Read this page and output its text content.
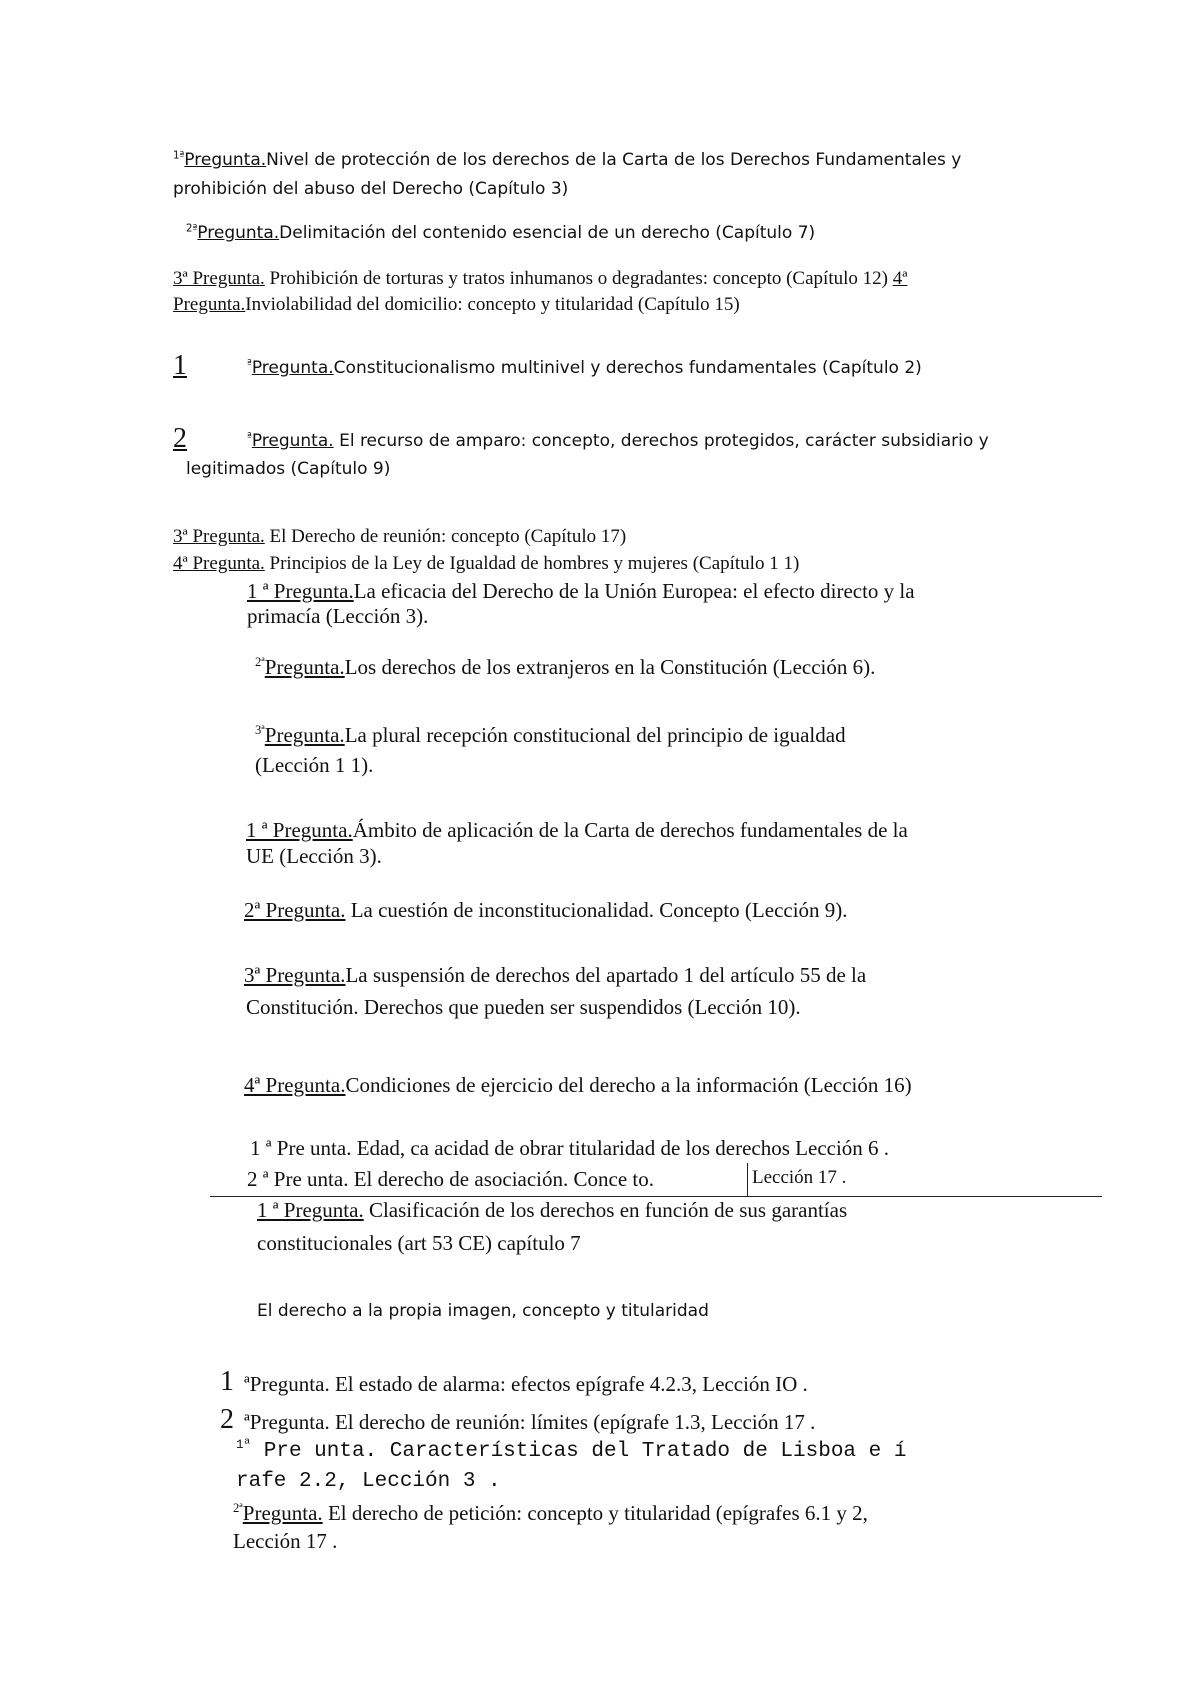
$^{1ª}$Pregunta.Nivel de protección de los derechos de la Carta de los Derechos Fundamentales y
prohibición del abuso del Derecho (Capítulo 3)
$^{2ª}$Pregunta.Delimitación del contenido esencial de un derecho (Capítulo 7)
3ª Pregunta. Prohibición de torturas y tratos inhumanos o degradantes: concepto (Capítulo 12) 4ª
Pregunta.Inviolabilidad del domicilio: concepto y titularidad (Capítulo 15)
1	$^ª$Pregunta.Constitucionalismo multinivel y derechos fundamentales (Capítulo 2)
2	$^ª$Pregunta. El recurso de amparo: concepto, derechos protegidos, carácter subsidiario y
legitimados (Capítulo 9)
3ª Pregunta. El Derecho de reunión: concepto (Capítulo 17)
4ª Pregunta. Principios de la Ley de Igualdad de hombres y mujeres (Capítulo 1 1)
1 ª Pregunta.La eficacia del Derecho de la Unión Europea: el efecto directo y la
primacía (Lección 3).
$^{2ª}$Pregunta.Los derechos de los extranjeros en la Constitución (Lección 6).
$^{3ª}$Pregunta.La plural recepción constitucional del principio de igualdad
(Lección 1 1).
1 ª Pregunta.Ámbito de aplicación de la Carta de derechos fundamentales de la
UE (Lección 3).
2ª Pregunta. La cuestión de inconstitucionalidad. Concepto (Lección 9).
3ª Pregunta.La suspensión de derechos del apartado 1 del artículo 55 de la
Constitución. Derechos que pueden ser suspendidos (Lección 10).
4ª Pregunta.Condiciones de ejercicio del derecho a la información (Lección 16)
1 ª Pre unta. Edad, ca acidad de obrar titularidad de los derechos Lección 6 .
2 ª Pre unta. El derecho de asociación. Conce to.	Lección 17 .
1 ª Pregunta. Clasificación de los derechos en función de sus garantías
constitucionales (art 53 CE) capítulo 7
El derecho a la propia imagen, concepto y titularidad
1 ªPregunta. El estado de alarma: efectos epígrafe 4.2.3, Lección IO .
2 ªPregunta. El derecho de reunión: límites (epígrafe 1.3, Lección 17 .
$^{1ª}$ Pre unta. Características del Tratado de Lisboa e í
rafe 2.2, Lección 3 .
$^{2ª}$Pregunta. El derecho de petición: concepto y titularidad (epígrafes 6.1 y 2,
Lección 17 .
